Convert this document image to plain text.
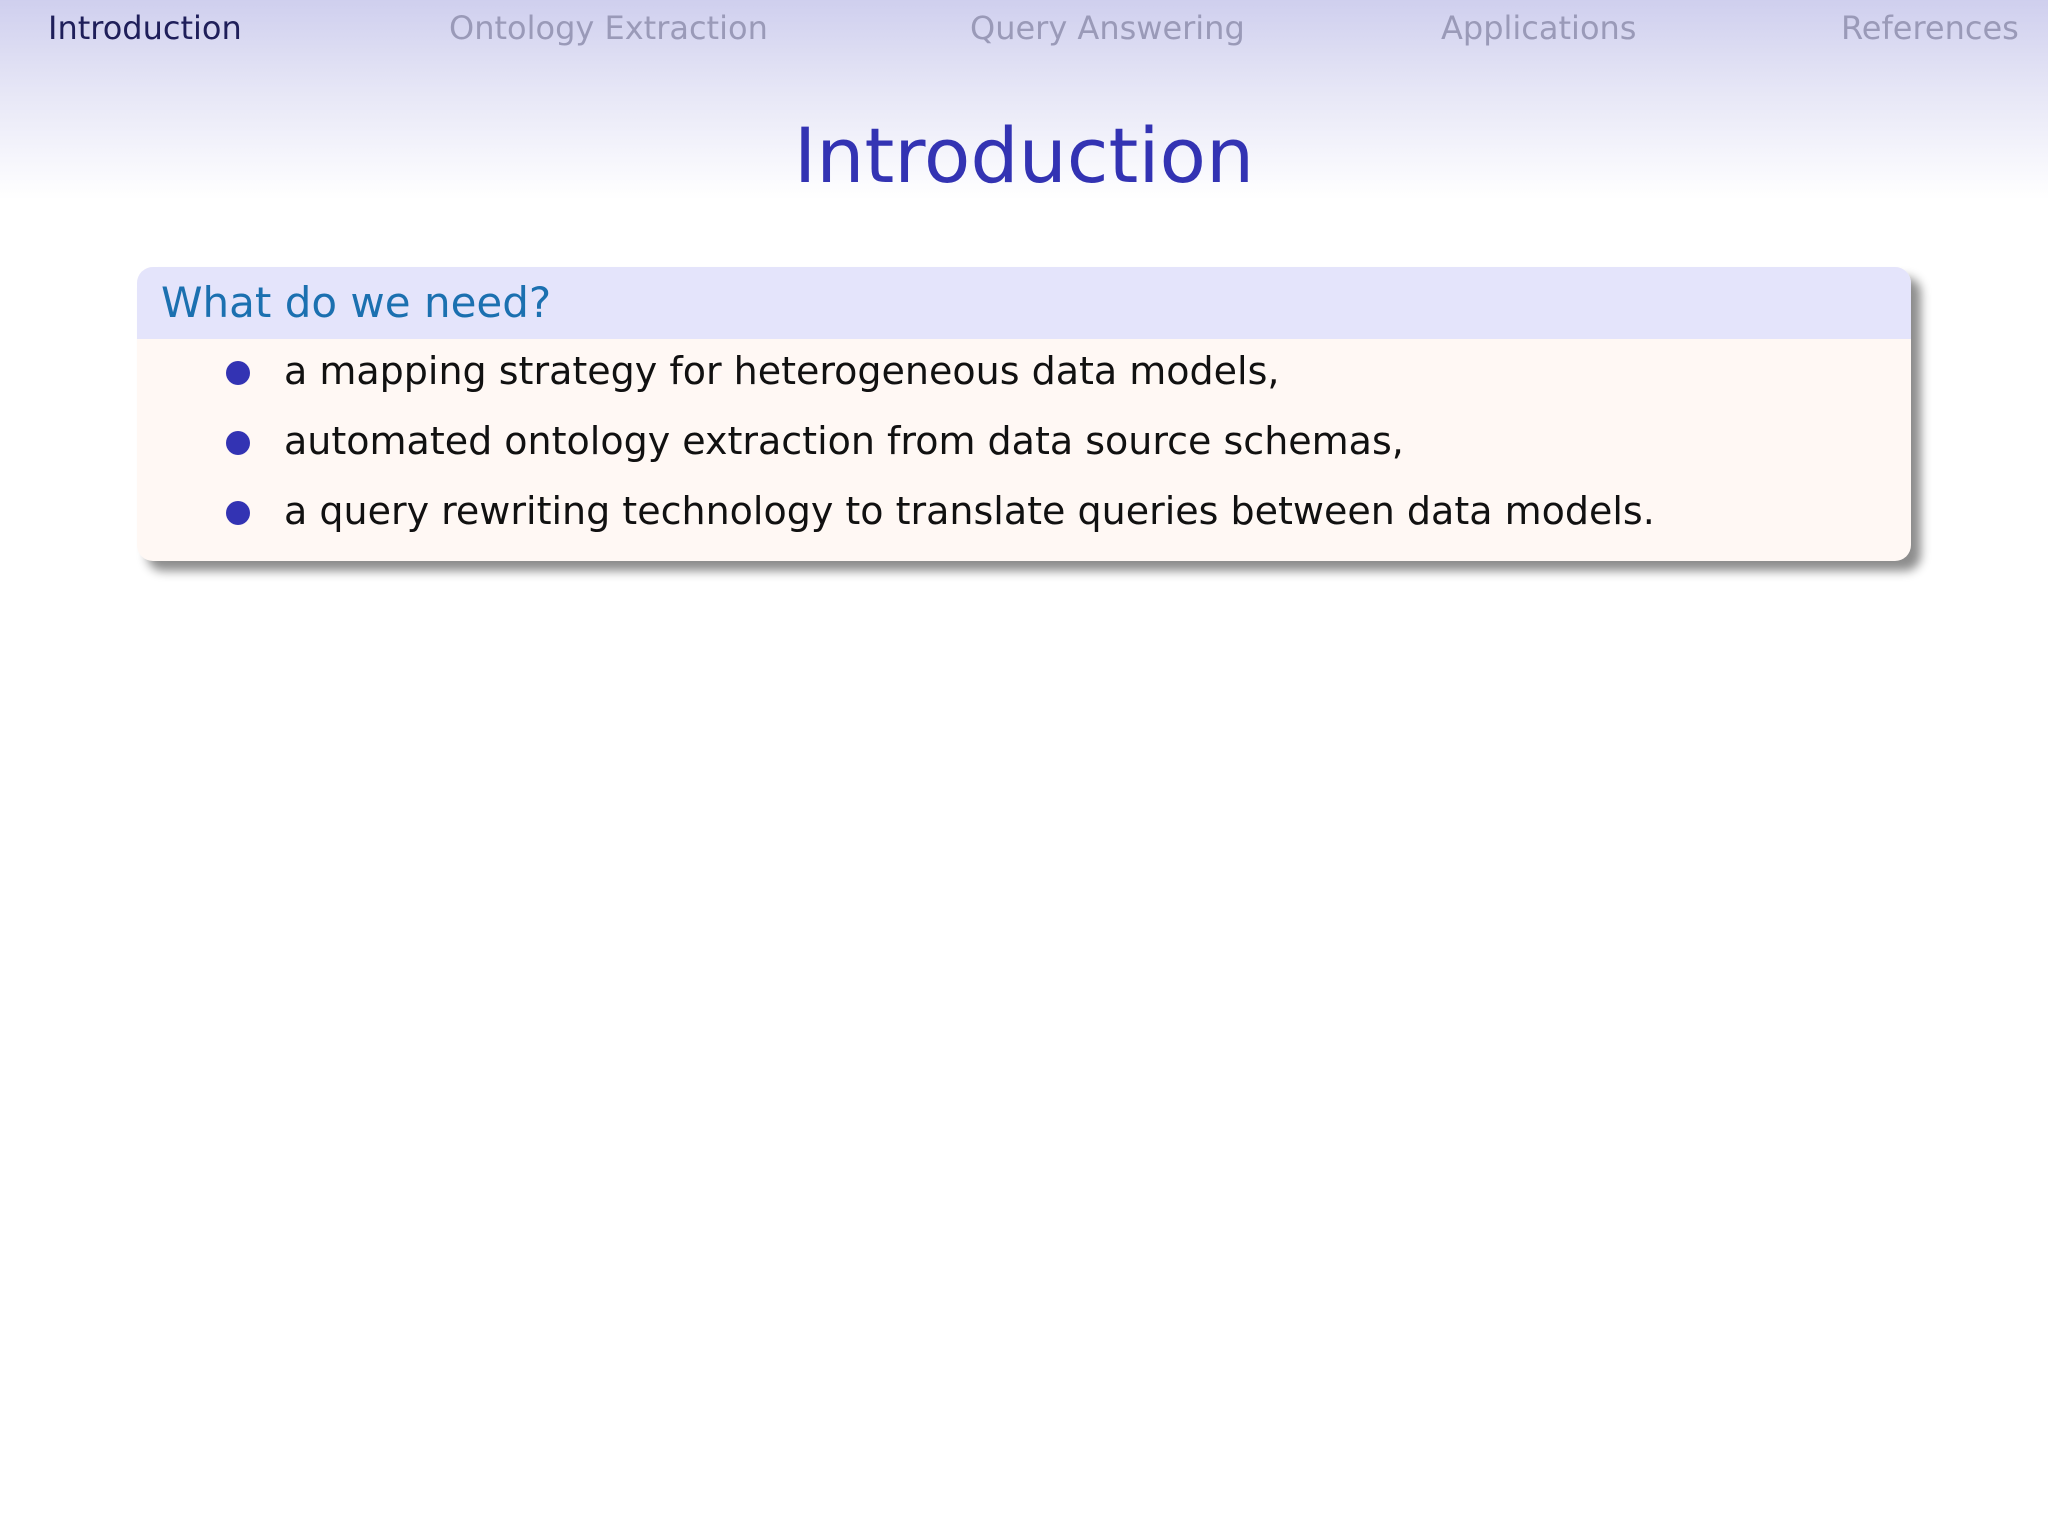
Introduction	Ontology Extraction	Query Answering	Applications	References
Introduction
What do we need?
a mapping strategy for heterogeneous data models,
automated ontology extraction from data source schemas,
a query rewriting technology to translate queries between data models.
